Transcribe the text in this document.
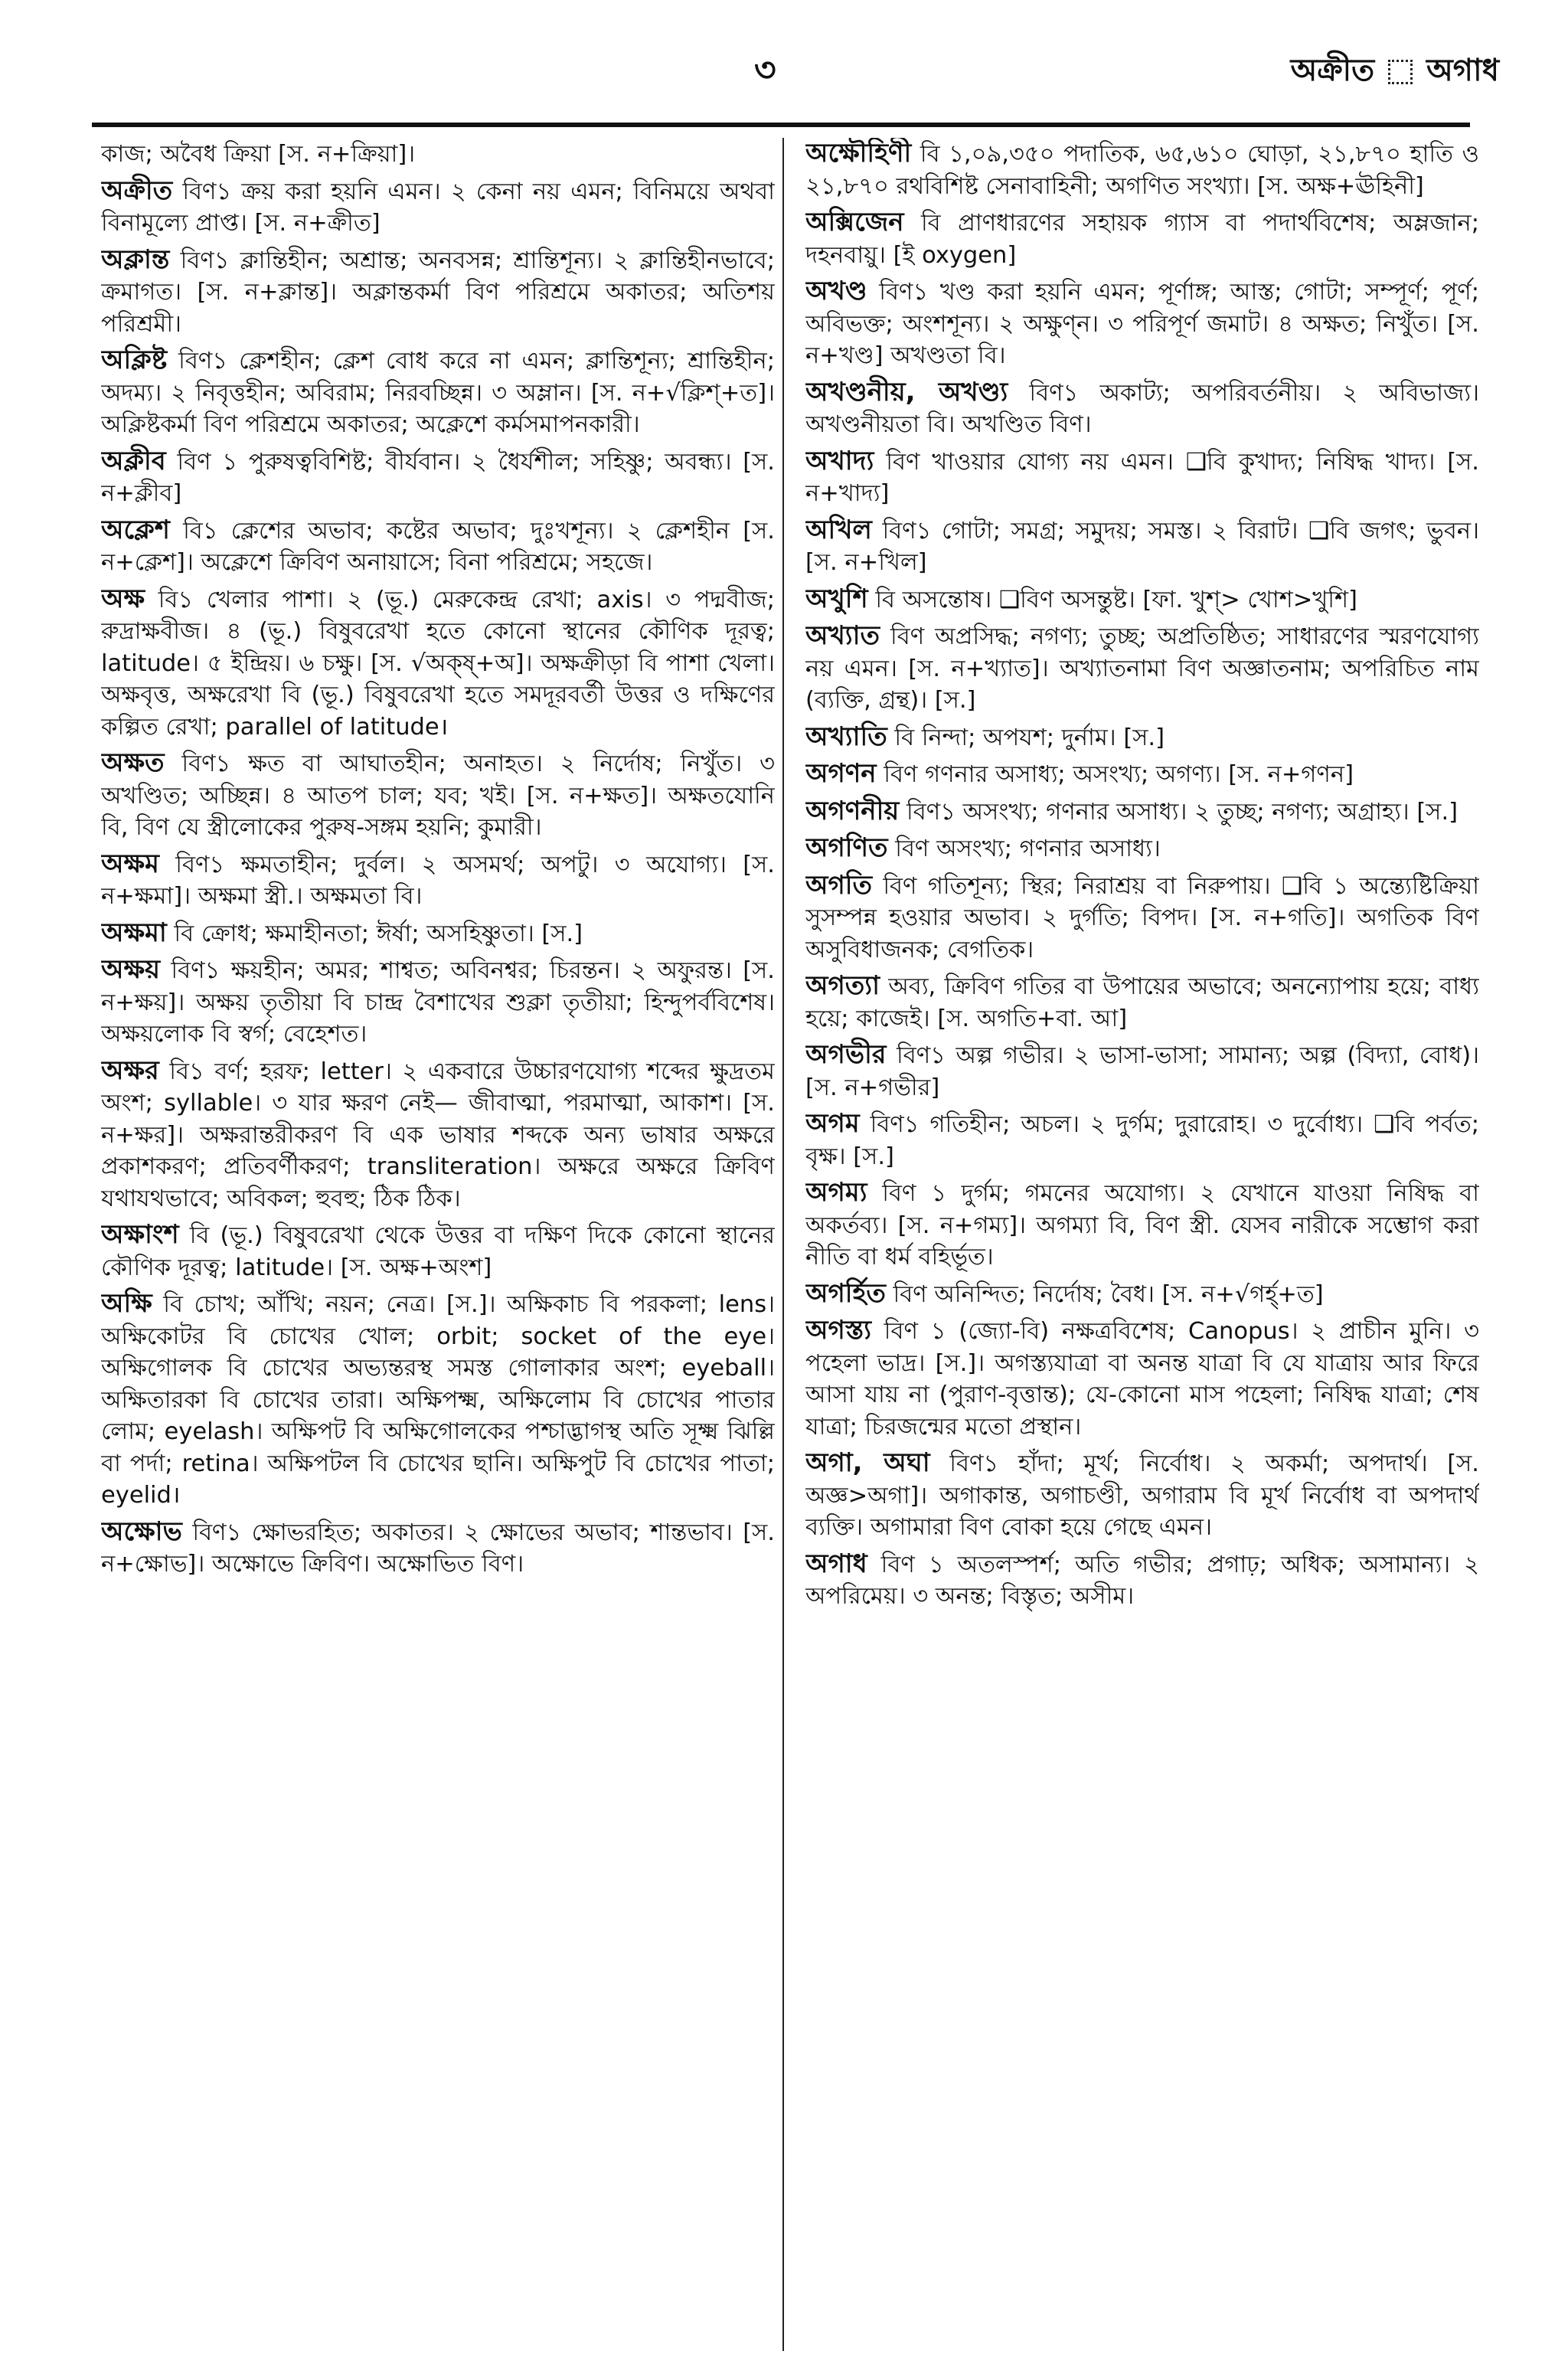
৩	অক্রীত অগাধ

কাজ; অবৈধ ক্রিয়া [স. ন+ক্রিয়া]।

অক্রীত বিণ১ ক্রয় করা হয়নি এমন। ২ কেনা নয় এমন; বিনিময়ে অথবা বিনামূল্যে প্রাপ্ত। [স. ন+ক্রীত]

অক্লান্ত বিণ১ ক্লান্তিহীন; অশ্রান্ত; অনবসন্ন; শ্রান্তিশূন্য। ২ ক্লান্তিহীনভাবে; ক্রমাগত। [স. ন+ক্লান্ত]। অক্লান্তকর্মা বিণ পরিশ্রমে অকাতর; অতিশয় পরিশ্রমী।

অক্লিষ্ট বিণ১ ক্লেশহীন; ক্লেশ বোধ করে না এমন; ক্লান্তিশূন্য; শ্রান্তিহীন; অদম্য। ২ নিবৃত্তহীন; অবিরাম; নিরবচ্ছিন্ন। ৩ অম্লান। [স. ন+√ক্লিশ্+ত]। অক্লিষ্টকর্মা বিণ পরিশ্রমে অকাতর; অক্লেশে কর্মসমাপনকারী।

অক্লীব বিণ ১ পুরুষত্ববিশিষ্ট; বীর্যবান। ২ ধৈর্যশীল; সহিষ্ণু; অবন্ধ্য। [স. ন+ক্লীব]

অক্লেশ বি১ ক্লেশের অভাব; কষ্টের অভাব; দুঃখশূন্য। ২ ক্লেশহীন [স. ন+ক্লেশ]। অক্লেশে ক্রিবিণ অনায়াসে; বিনা পরিশ্রমে; সহজে।

অক্ষ বি১ খেলার পাশা। ২ (ভূ.) মেরুকেন্দ্র রেখা; axis। ৩ পদ্মবীজ; রুদ্রাক্ষবীজ। ৪ (ভূ.) বিষুবরেখা হতে কোনো স্থানের কৌণিক দূরত্ব; latitude। ৫ ইন্দ্রিয়। ৬ চক্ষু। [স. √অক্ষ্+অ]। অক্ষক্রীড়া বি পাশা খেলা। অক্ষবৃত্ত, অক্ষরেখা বি (ভূ.) বিষুবরেখা হতে সমদূরবর্তী উত্তর ও দক্ষিণের কল্পিত রেখা; parallel of latitude।

অক্ষত বিণ১ ক্ষত বা আঘাতহীন; অনাহত। ২ নির্দোষ; নিখুঁত। ৩ অখণ্ডিত; অচ্ছিন্ন। ৪ আতপ চাল; যব; খই। [স. ন+ক্ষত]। অক্ষতযোনি বি, বিণ যে স্ত্রীলোকের পুরুষ-সঙ্গম হয়নি; কুমারী।

অক্ষম বিণ১ ক্ষমতাহীন; দুর্বল। ২ অসমর্থ; অপটু। ৩ অযোগ্য। [স. ন+ক্ষমা]। অক্ষমা স্ত্রী.। অক্ষমতা বি।

অক্ষমা বি ক্রোধ; ক্ষমাহীনতা; ঈর্ষা; অসহিষ্ণুতা। [স.]

অক্ষয় বিণ১ ক্ষয়হীন; অমর; শাশ্বত; অবিনশ্বর; চিরন্তন। ২ অফুরন্ত। [স. ন+ক্ষয়]। অক্ষয় তৃতীয়া বি চান্দ্র বৈশাখের শুক্লা তৃতীয়া; হিন্দুপর্ববিশেষ। অক্ষয়লোক বি স্বর্গ; বেহেশত।

অক্ষর বি১ বর্ণ; হরফ; letter। ২ একবারে উচ্চারণযোগ্য শব্দের ক্ষুদ্রতম অংশ; syllable। ৩ যার ক্ষরণ নেই— জীবাত্মা, পরমাত্মা, আকাশ। [স. ন+ক্ষর]। অক্ষরান্তরীকরণ বি এক ভাষার শব্দকে অন্য ভাষার অক্ষরে প্রকাশকরণ; প্রতিবর্ণীকরণ; transliteration। অক্ষরে অক্ষরে ক্রিবিণ যথাযথভাবে; অবিকল; হুবহু; ঠিক ঠিক।

অক্ষাংশ বি (ভূ.) বিষুবরেখা থেকে উত্তর বা দক্ষিণ দিকে কোনো স্থানের কৌণিক দূরত্ব; latitude। [স. অক্ষ+অংশ]

অক্ষি বি চোখ; আঁখি; নয়ন; নেত্র। [স.]। অক্ষিকাচ বি পরকলা; lens। অক্ষিকোটর বি চোখের খোল; orbit; socket of the eye। অক্ষিগোলক বি চোখের অভ্যন্তরস্থ সমস্ত গোলাকার অংশ; eyeball। অক্ষিতারকা বি চোখের তারা। অক্ষিপক্ষ্ম, অক্ষিলোম বি চোখের পাতার লোম; eyelash। অক্ষিপট বি অক্ষিগোলকের পশ্চাদ্ভাগস্থ অতি সূক্ষ্ম ঝিল্লি বা পর্দা; retina। অক্ষিপটল বি চোখের ছানি। অক্ষিপুট বি চোখের পাতা; eyelid।

অক্ষোভ বিণ১ ক্ষোভরহিত; অকাতর। ২ ক্ষোভের অভাব; শান্তভাব। [স. ন+ক্ষোভ]। অক্ষোভে ক্রিবিণ। অক্ষোভিত বিণ।

অক্ষৌহিণী বি ১,০৯,৩৫০ পদাতিক, ৬৫,৬১০ ঘোড়া, ২১,৮৭০ হাতি ও ২১,৮৭০ রথবিশিষ্ট সেনাবাহিনী; অগণিত সংখ্যা। [স. অক্ষ+ঊহিনী]

অক্সিজেন বি প্রাণধারণের সহায়ক গ্যাস বা পদার্থবিশেষ; অম্লজান; দহনবায়ু। [ই oxygen]

অখণ্ড বিণ১ খণ্ড করা হয়নি এমন; পূর্ণাঙ্গ; আস্ত; গোটা; সম্পূর্ণ; পূর্ণ; অবিভক্ত; অংশশূন্য। ২ অক্ষুণ্ন। ৩ পরিপূর্ণ জমাট। ৪ অক্ষত; নিখুঁত। [স. ন+খণ্ড] অখণ্ডতা বি।

অখণ্ডনীয়, অখণ্ড্য বিণ১ অকাট্য; অপরিবর্তনীয়। ২ অবিভাজ্য। অখণ্ডনীয়তা বি। অখণ্ডিত বিণ।

অখাদ্য বিণ খাওয়ার যোগ্য নয় এমন। ❑বি কুখাদ্য; নিষিদ্ধ খাদ্য। [স. ন+খাদ্য]

অখিল বিণ১ গোটা; সমগ্র; সমুদয়; সমস্ত। ২ বিরাট। ❑বি জগৎ; ভুবন। [স. ন+খিল]

অখুশি বি অসন্তোষ। ❑বিণ অসন্তুষ্ট। [ফা. খুশ্> খোশ>খুশি]

অখ্যাত বিণ অপ্রসিদ্ধ; নগণ্য; তুচ্ছ; অপ্রতিষ্ঠিত; সাধারণের স্মরণযোগ্য নয় এমন। [স. ন+খ্যাত]। অখ্যাতনামা বিণ অজ্ঞাতনাম; অপরিচিত নাম (ব্যক্তি, গ্রন্থ)। [স.]

অখ্যাতি বি নিন্দা; অপযশ; দুর্নাম। [স.]

অগণন বিণ গণনার অসাধ্য; অসংখ্য; অগণ্য। [স. ন+গণন]

অগণনীয় বিণ১ অসংখ্য; গণনার অসাধ্য। ২ তুচ্ছ; নগণ্য; অগ্রাহ্য। [স.]

অগণিত বিণ অসংখ্য; গণনার অসাধ্য।

অগতি বিণ গতিশূন্য; স্থির; নিরাশ্রয় বা নিরুপায়। ❑বি ১ অন্ত্যেষ্টিক্রিয়া সুসম্পন্ন হওয়ার অভাব। ২ দুর্গতি; বিপদ। [স. ন+গতি]। অগতিক বিণ অসুবিধাজনক; বেগতিক।

অগত্যা অব্য, ক্রিবিণ গতির বা উপায়ের অভাবে; অনন্যোপায় হয়ে; বাধ্য হয়ে; কাজেই। [স. অগতি+বা. আ]

অগভীর বিণ১ অল্প গভীর। ২ ভাসা-ভাসা; সামান্য; অল্প (বিদ্যা, বোধ)। [স. ন+গভীর]

অগম বিণ১ গতিহীন; অচল। ২ দুর্গম; দুরারোহ। ৩ দুর্বোধ্য। ❑বি পর্বত; বৃক্ষ। [স.]

অগম্য বিণ ১ দুর্গম; গমনের অযোগ্য। ২ যেখানে যাওয়া নিষিদ্ধ বা অকর্তব্য। [স. ন+গম্য]। অগম্যা বি, বিণ স্ত্রী. যেসব নারীকে সম্ভোগ করা নীতি বা ধর্ম বহির্ভূত।

অগর্হিত বিণ অনিন্দিত; নির্দোষ; বৈধ। [স. ন+√গর্হ্+ত]

অগস্ত্য বিণ ১ (জ্যো-বি) নক্ষত্রবিশেষ; Canopus। ২ প্রাচীন মুনি। ৩ পহেলা ভাদ্র। [স.]। অগস্ত্যযাত্রা বা অনন্ত যাত্রা বি যে যাত্রায় আর ফিরে আসা যায় না (পুরাণ-বৃত্তান্ত); যে-কোনো মাস পহেলা; নিষিদ্ধ যাত্রা; শেষ যাত্রা; চিরজন্মের মতো প্রস্থান।

অগা, অঘা বিণ১ হাঁদা; মূর্খ; নির্বোধ। ২ অকর্মা; অপদার্থ। [স. অজ্ঞ>অগা]। অগাকান্ত, অগাচণ্ডী, অগারাম বি মূর্খ নির্বোধ বা অপদার্থ ব্যক্তি। অগামারা বিণ বোকা হয়ে গেছে এমন।

অগাধ বিণ ১ অতলস্পর্শ; অতি গভীর; প্রগাঢ়; অধিক; অসামান্য। ২ অপরিমেয়। ৩ অনন্ত; বিস্তৃত; অসীম।
